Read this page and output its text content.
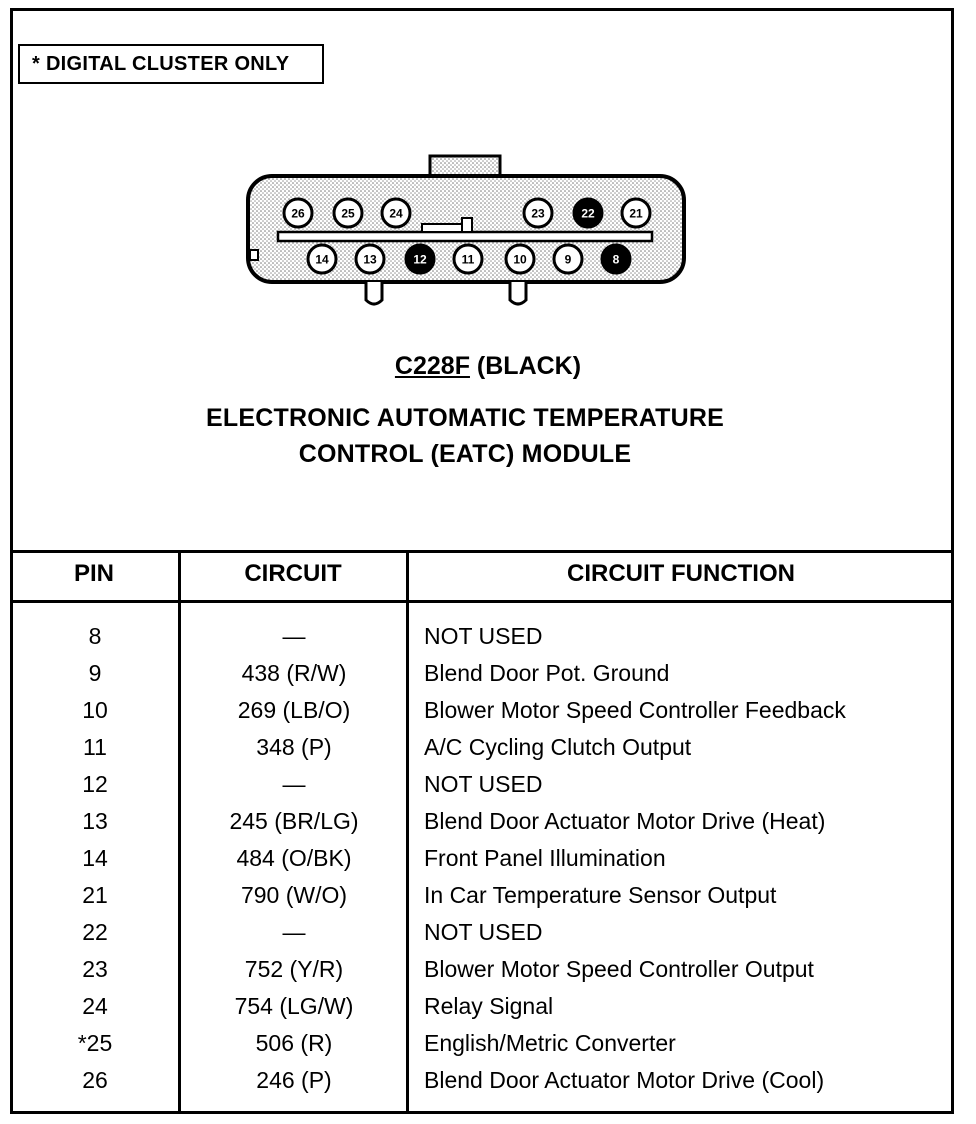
* DIGITAL CLUSTER ONLY
26	25	24	23	22	21
14	13	12	11	10	9	8
C228F (BLACK)
ELECTRONIC AUTOMATIC TEMPERATURE
CONTROL (EATC) MODULE
PIN	CIRCUIT	CIRCUIT FUNCTION
8	—	NOT USED
9	438 (R/W)	Blend Door Pot. Ground
10	269 (LB/O)	Blower Motor Speed Controller Feedback
11	348 (P)	A/C Cycling Clutch Output
12	—	NOT USED
13	245 (BR/LG)	Blend Door Actuator Motor Drive (Heat)
14	484 (O/BK)	Front Panel Illumination
21	790 (W/O)	In Car Temperature Sensor Output
22	—	NOT USED
23	752 (Y/R)	Blower Motor Speed Controller Output
24	754 (LG/W)	Relay Signal
*25	506 (R)	English/Metric Converter
26	246 (P)	Blend Door Actuator Motor Drive (Cool)
